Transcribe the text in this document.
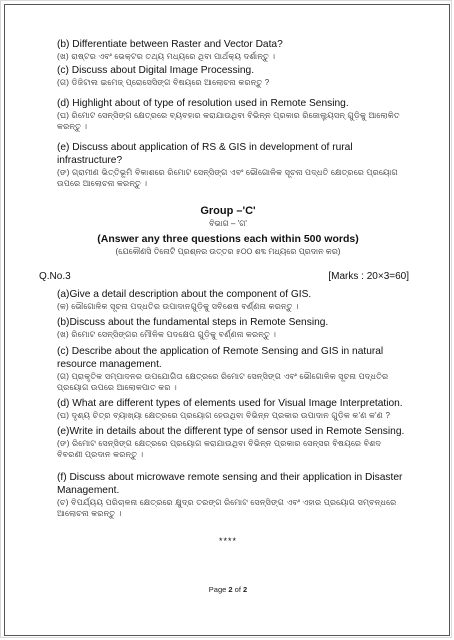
(b) Differentiate between Raster and Vector Data?
(ଖ) ରାଷ୍ଟର ଏବଂ ଭେକ୍ଟର ତଥ୍ୟ ମଧ୍ୟରେ ଥିବା ପାର୍ଥକ୍ୟ ଦର୍ଶାନ୍ତୁ ।
(c) Discuss about Digital Image Processing.
(ଗ) ଡିଜିଟାଲ ଇମେଜ୍ ପ୍ରୋସେସିଙ୍ଗ ବିଷୟରେ ଆଲୋଚନା କରନ୍ତୁ ?
(d) Highlight about of type of resolution used in Remote Sensing.
(ଘ) ରିମୋଟ ସେନ୍‌ସିଙ୍ଗ କ୍ଷେତ୍ରରେ ବ୍ୟବହାର କରାଯାଉଥିବା ବିଭିନ୍ନ ପ୍ରକାର ରିଜୋଲ୍ୟୁସନ୍ ଗୁଡ଼ିକୁ ଆଲୋକିତ କରନ୍ତୁ ।
(e) Discuss about application of RS & GIS in development of rural infrastructure?
(ଙ) ଗ୍ରାମୀଣ ଭିତ୍ତିଭୂମି ବିକାଶରେ ରିମୋଟ ସେନ୍‌ସିଙ୍ଗ ଏବଂ ଭୌଗୋଳିକ ସୂଚନା ପଦ୍ଧତି କ୍ଷେତ୍ରରେ ପ୍ରୟୋଗ ଉପରେ ଆଲୋଚନା କରନ୍ତୁ ।
Group –'C'
ବିଭାଗ – 'ଗ'
(Answer any three questions each within 500 words)
(ଯେକୌଣସି ତିନୋଟି ପ୍ରଶ୍ନର ଉତ୍ତର ୫୦୦ ଶବ୍ଦ ମଧ୍ୟରେ ପ୍ରଦାନ କର)
Q.No.3	[Marks : 20×3=60]
(a)Give a detail description about the component of GIS.
(କ) ଭୌଗୋଳିକ ସୂଚନା ପଦ୍ଧତିର ଉପାଦାନଗୁଡ଼ିକୁ ସବିଶେଷ ବର୍ଣ୍ଣନା କରନ୍ତୁ ।
(b)Discuss about the fundamental steps in Remote Sensing.
(ଖ) ରିମୋଟ ସେନ୍‌ସିଙ୍ଗର ମୌଳିକ ପଦକ୍ଷେପ ଗୁଡ଼ିକୁ ବର୍ଣ୍ଣନା କରନ୍ତୁ ।
(c) Describe about the application of Remote Sensing and GIS in natural resource management.
(ଗ) ପ୍ରାକୃତିକ ସମ୍ପାଦନର ଉପଯୋଗିତା କ୍ଷେତ୍ରରେ ରିମୋଟ ସେନ୍‌ସିଙ୍ଗ ଏବଂ ଭୌଗୋଳିକ ସୂଚନା ପଦ୍ଧତିର ପ୍ରୟୋଗ ଉପରେ ଆଲୋକପାତ କର ।
(d) What are different types of elements used for Visual Image Interpretation.
(ଘ) ଦୃଶ୍ୟ ଚିତ୍ର ବ୍ୟାଖ୍ୟା କ୍ଷେତ୍ରରେ ପ୍ରୟୋଗ ହେଉଥିବା ବିଭିନ୍ନ ପ୍ରକାର ଉପାଦାନ ଗୁଡ଼ିକ କ'ଣ କ'ଣ ?
(e)Write in details about the different type of sensor used in Remote Sensing.
(ଙ) ରିମୋଟ ସେନ୍‌ସିଙ୍ଗ କ୍ଷେତ୍ରରେ ପ୍ରୟୋଗ କରାଯାଉଥିବା ବିଭିନ୍ନ ପ୍ରକାର ସେନ୍‌ସର ବିଷୟରେ ବିଶଦ ବିବରଣୀ ପ୍ରଦାନ କରନ୍ତୁ ।
(f) Discuss about microwave remote sensing and their application in Disaster Management.
(ଚ) ବିପର୍ଯ୍ୟୟ ପରିଚାଳନା କ୍ଷେତ୍ରରେ କ୍ଷୁଦ୍ର ତରଙ୍ଗ ରିମୋଟ ସେନ୍‌ସିଙ୍ଗ ଏବଂ ଏହାର ପ୍ରୟୋଗ ସମ୍ବନ୍ଧରେ ଆଲୋଚନା କରନ୍ତୁ ।
****
Page 2 of 2
